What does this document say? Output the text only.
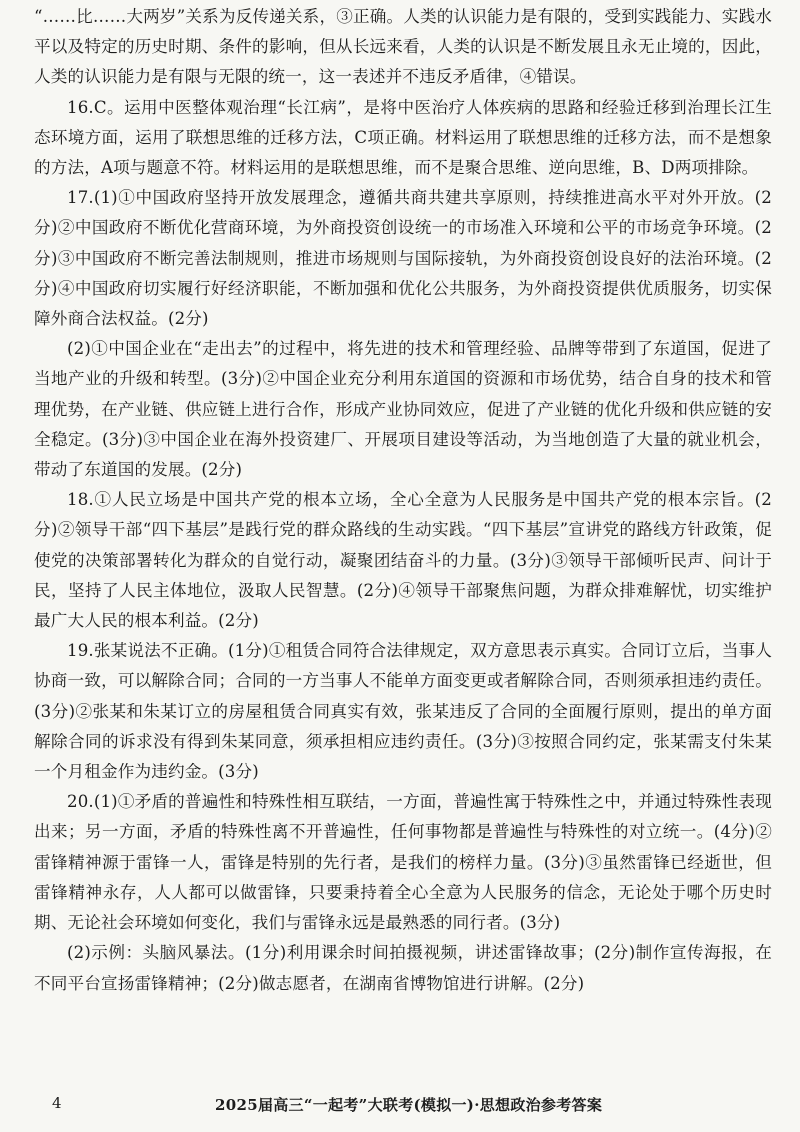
“……比……大两岁”关系为反传递关系，③正确。人类的认识能力是有限的，受到实践能力、实践水平以及特定的历史时期、条件的影响，但从长远来看，人类的认识是不断发展且永无止境的，因此，人类的认识能力是有限与无限的统一，这一表述并不违反矛盾律，④错误。

16.C。运用中医整体观治理“长江病”，是将中医治疗人体疾病的思路和经验迁移到治理长江生态环境方面，运用了联想思维的迁移方法，C项正确。材料运用了联想思维的迁移方法，而不是想象的方法，A项与题意不符。材料运用的是联想思维，而不是聚合思维、逆向思维，B、D两项排除。

17.(1)①中国政府坚持开放发展理念，遵循共商共建共享原则，持续推进高水平对外开放。(2分)②中国政府不断优化营商环境，为外商投资创设统一的市场准入环境和公平的市场竞争环境。(2分)③中国政府不断完善法制规则，推进市场规则与国际接轨，为外商投资创设良好的法治环境。(2分)④中国政府切实履行好经济职能，不断加强和优化公共服务，为外商投资提供优质服务，切实保障外商合法权益。(2分)

(2)①中国企业在“走出去”的过程中，将先进的技术和管理经验、品牌等带到了东道国，促进了当地产业的升级和转型。(3分)②中国企业充分利用东道国的资源和市场优势，结合自身的技术和管理优势，在产业链、供应链上进行合作，形成产业协同效应，促进了产业链的优化升级和供应链的安全稳定。(3分)③中国企业在海外投资建厂、开展项目建设等活动，为当地创造了大量的就业机会，带动了东道国的发展。(2分)

18.①人民立场是中国共产党的根本立场，全心全意为人民服务是中国共产党的根本宗旨。(2分)②领导干部“四下基层”是践行党的群众路线的生动实践。“四下基层”宣讲党的路线方针政策，促使党的决策部署转化为群众的自觉行动，凝聚团结奋斗的力量。(3分)③领导干部倾听民声、问计于民，坚持了人民主体地位，汲取人民智慧。(2分)④领导干部聚焦问题，为群众排难解忧，切实维护最广大人民的根本利益。(2分)

19.张某说法不正确。(1分)①租赁合同符合法律规定，双方意思表示真实。合同订立后，当事人协商一致，可以解除合同；合同的一方当事人不能单方面变更或者解除合同，否则须承担违约责任。(3分)②张某和朱某订立的房屋租赁合同真实有效，张某违反了合同的全面履行原则，提出的单方面解除合同的诉求没有得到朱某同意，须承担相应违约责任。(3分)③按照合同约定，张某需支付朱某一个月租金作为违约金。(3分)

20.(1)①矛盾的普遍性和特殊性相互联结，一方面，普遍性寓于特殊性之中，并通过特殊性表现出来；另一方面，矛盾的特殊性离不开普遍性，任何事物都是普遍性与特殊性的对立统一。(4分)②雷锋精神源于雷锋一人，雷锋是特别的先行者，是我们的榜样力量。(3分)③虽然雷锋已经逝世，但雷锋精神永存，人人都可以做雷锋，只要秉持着全心全意为人民服务的信念，无论处于哪个历史时期、无论社会环境如何变化，我们与雷锋永远是最熟悉的同行者。(3分)

(2)示例：头脑风暴法。(1分)利用课余时间拍摄视频，讲述雷锋故事；(2分)制作宣传海报，在不同平台宣扬雷锋精神；(2分)做志愿者，在湖南省博物馆进行讲解。(2分)

4	2025届高三“一起考”大联考(模拟一)·思想政治参考答案
